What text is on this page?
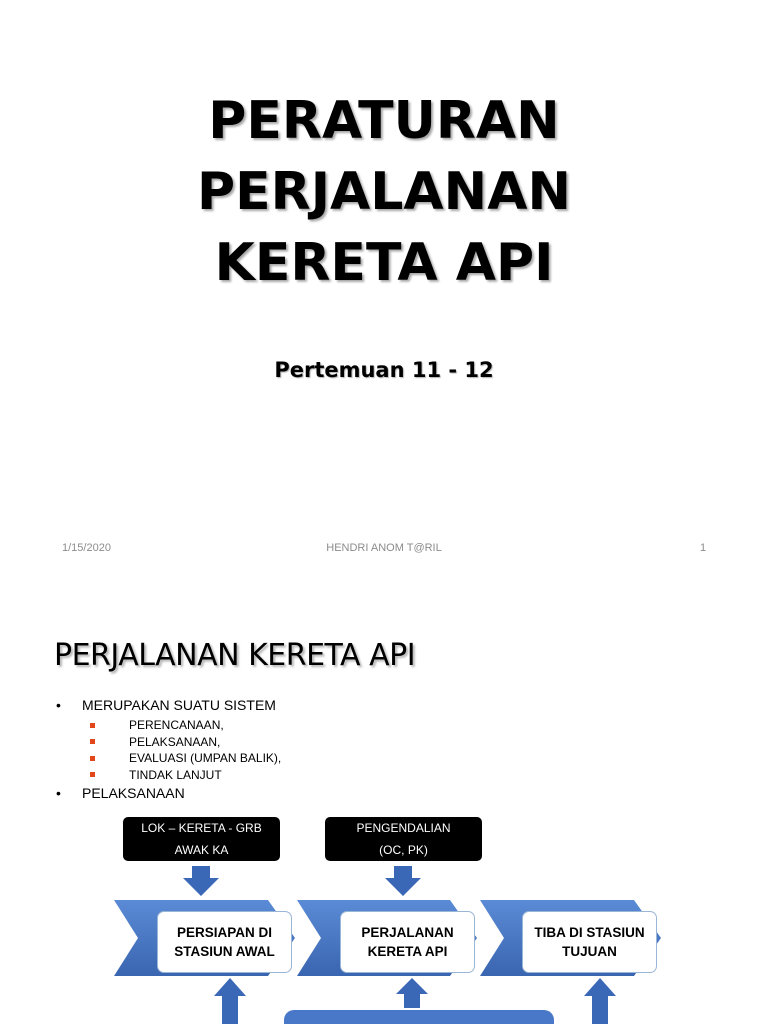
PERATURAN
PERJALANAN
KERETA API
Pertemuan 11 - 12
1/15/2020	HENDRI ANOM T@RIL	1
PERJALANAN KERETA API
•	MERUPAKAN SUATU SISTEM
PERENCANAAN,
PELAKSANAAN,
EVALUASI (UMPAN BALIK),
TINDAK LANJUT
•	PELAKSANAAN
LOK – KERETA - GRB
AWAK KA
PENGENDALIAN
(OC, PK)
PERSIAPAN DI
STASIUN AWAL
PERJALANAN
KERETA API
TIBA DI STASIUN
TUJUAN
